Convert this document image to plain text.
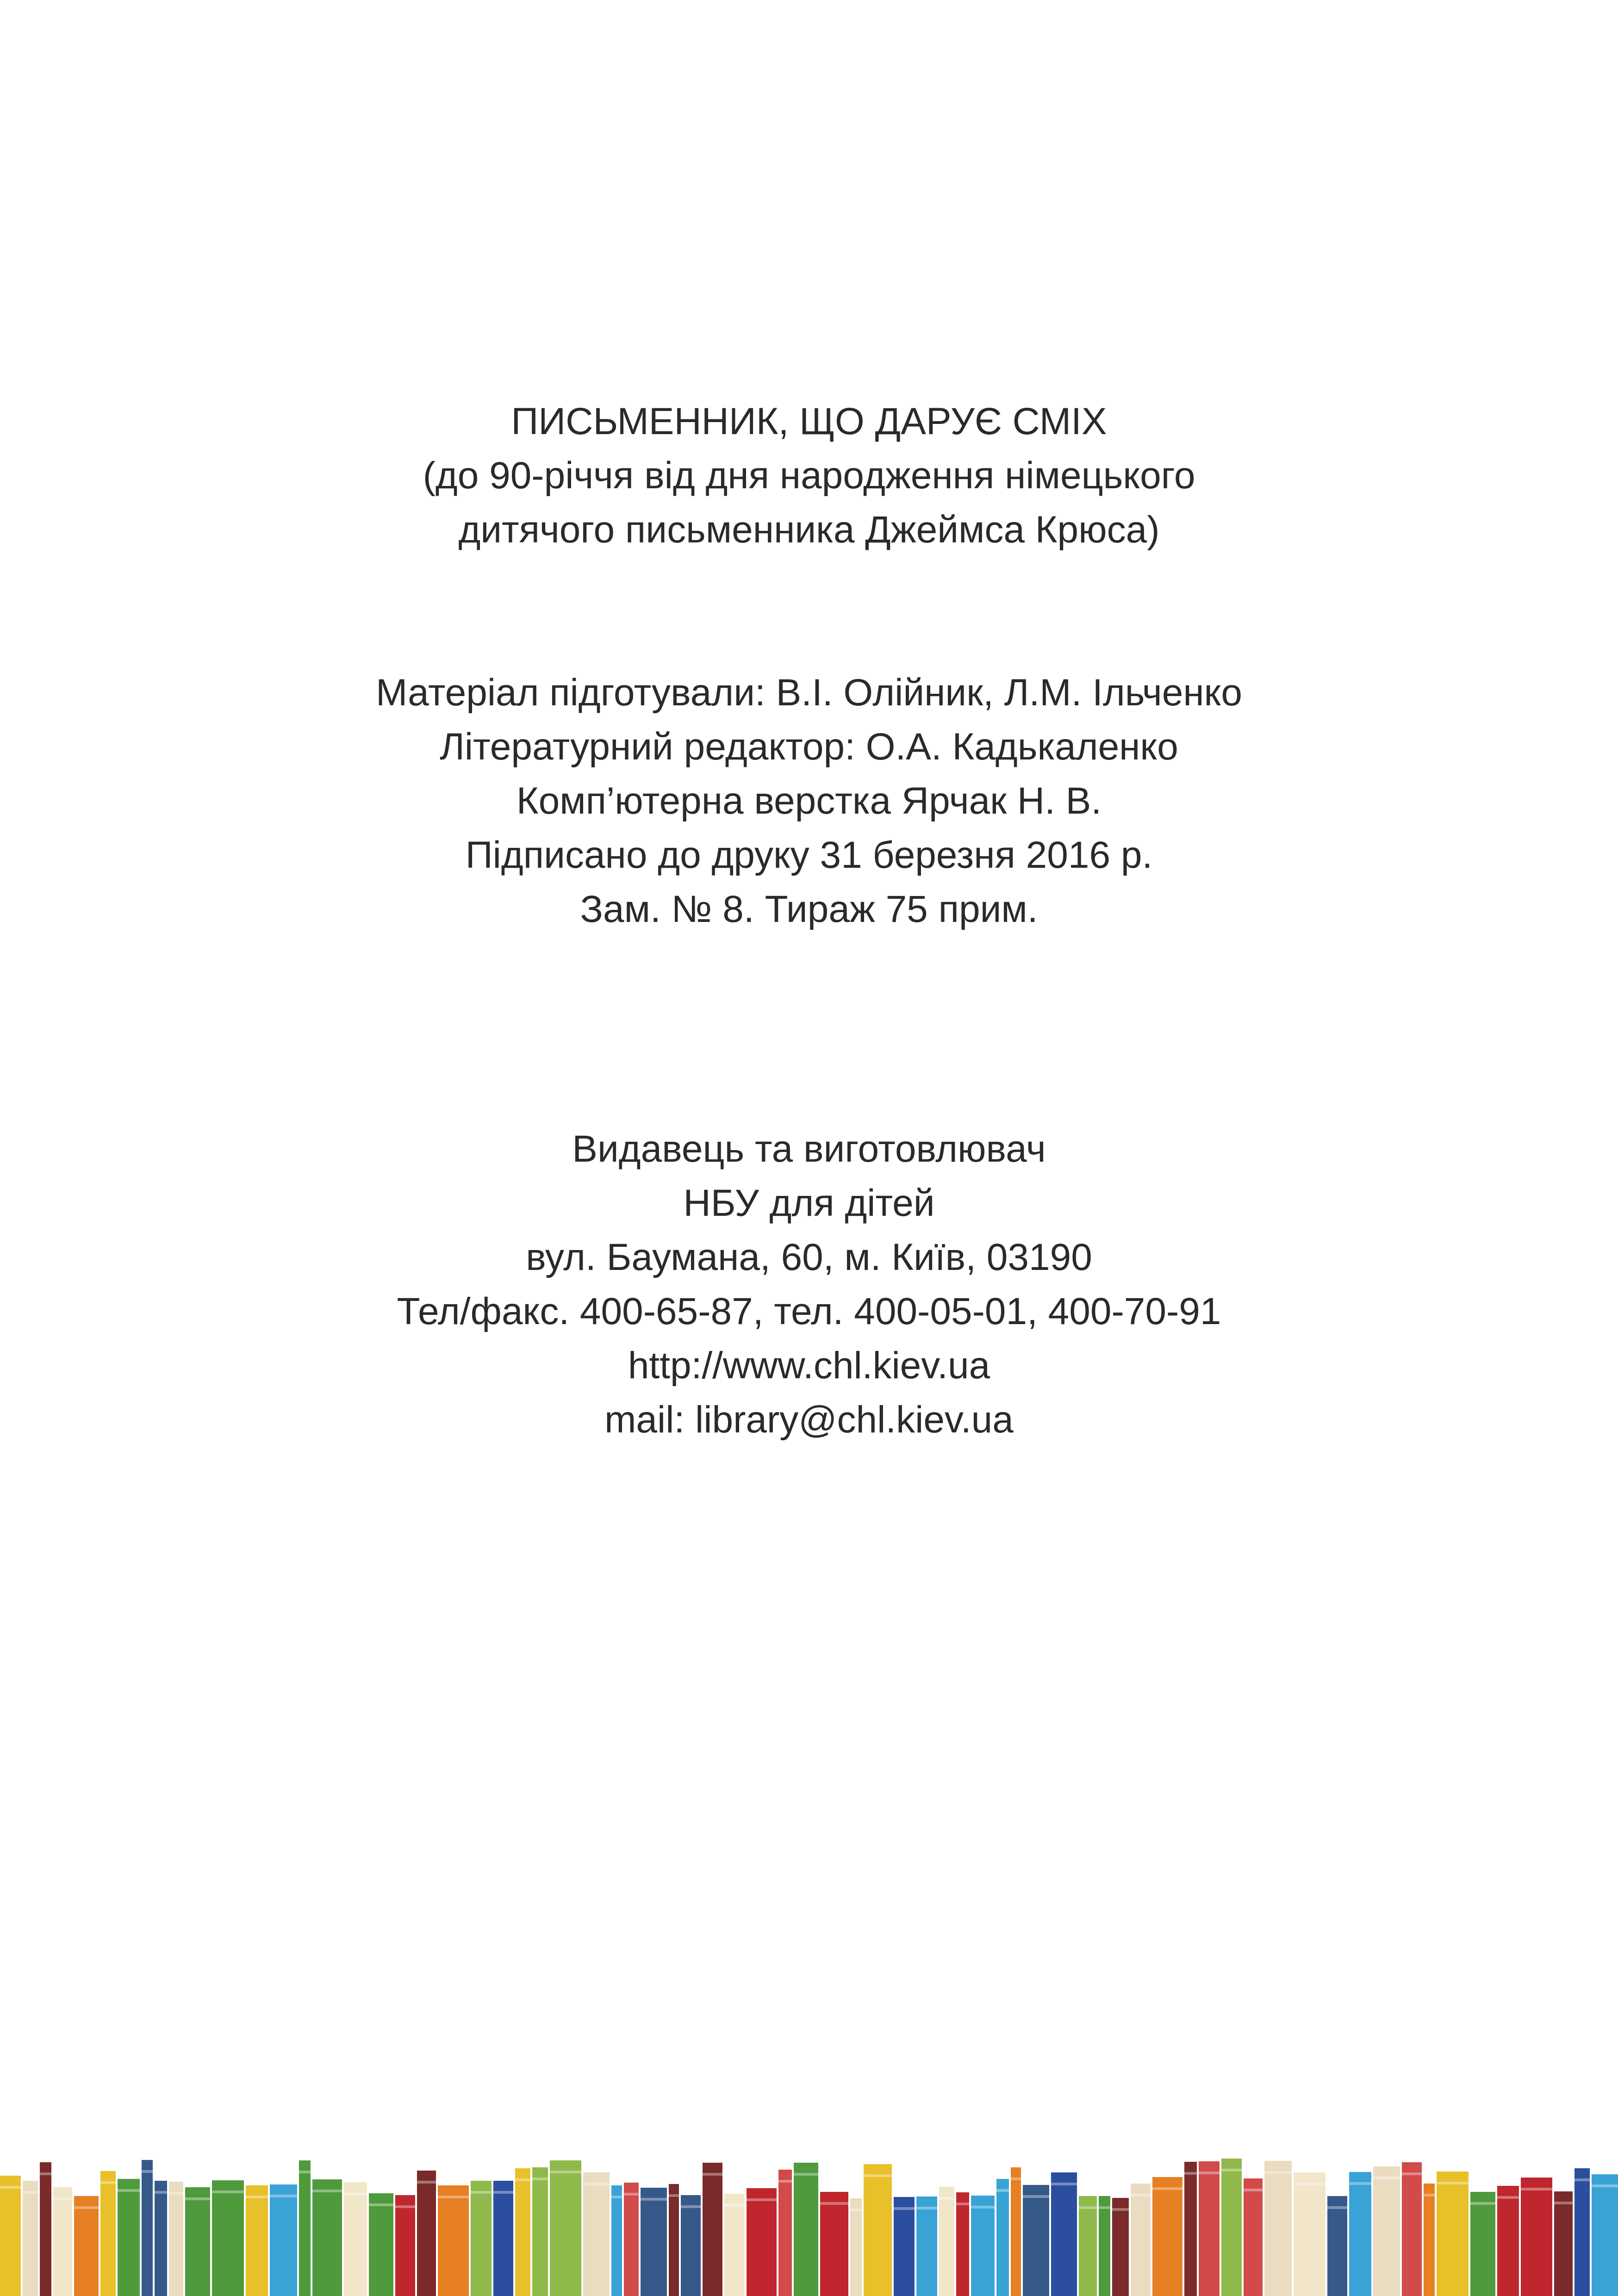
ПИСЬМЕННИК, ЩО ДАРУЄ СМІХ
(до 90-річчя від дня народження німецького
дитячого письменника Джеймса Крюса)
Матеріал підготували: В.І. Олійник, Л.М. Ільченко
Літературний редактор: О.А. Кадькаленко
Комп’ютерна верстка Ярчак Н. В.
Підписано до друку 31 березня 2016 р.
Зам. № 8. Тираж 75 прим.
Видавець та виготовлювач
НБУ для дітей
вул. Баумана, 60, м. Київ, 03190
Тел/факс. 400-65-87, тел. 400-05-01, 400-70-91
http://www.chl.kiev.ua
mail: library@chl.kiev.ua
